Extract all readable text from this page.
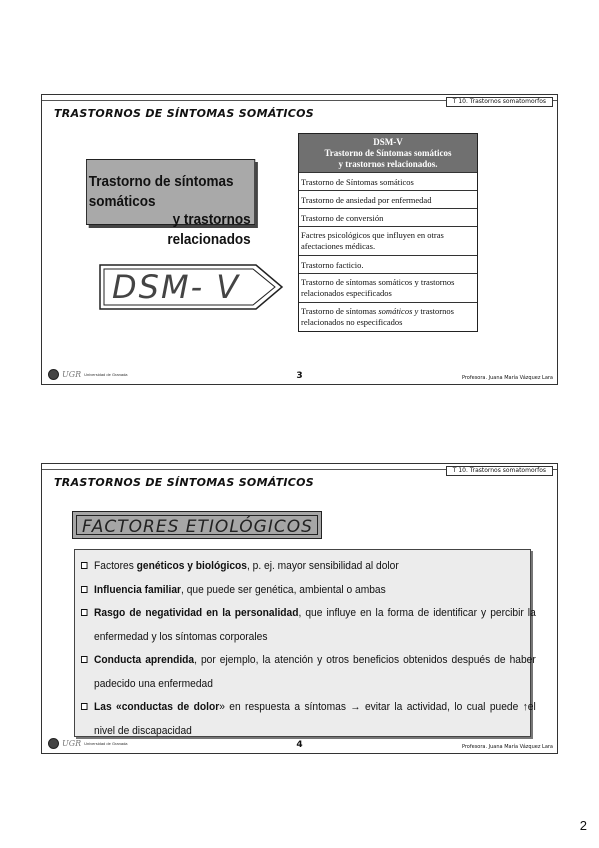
T 10. Trastornos somatomorfos
TRASTORNOS DE SÍNTOMAS SOMÁTICOS
Trastorno de síntomas somáticos
y trastornos relacionados
DSM- V
DSM-V
Trastorno de Síntomas somáticos
y trastornos relacionados.
Trastorno de Síntomas somáticos
Trastorno de ansiedad por enfermedad
Trastorno de conversión
Factres psicológicos que influyen en otras afectaciones médicas.
Trastorno facticio.
Trastorno de síntomas somáticos y trastornos relacionados especificados
Trastorno de síntomas somáticos y trastornos relacionados no especificados
UGR Universidad de Granada	3	Profesora. Juana María Vázquez Lara
T 10. Trastornos somatomorfos
TRASTORNOS DE SÍNTOMAS SOMÁTICOS
FACTORES ETIOLÓGICOS
Factores genéticos y biológicos, p. ej. mayor sensibilidad al dolor
Influencia familiar, que puede ser genética, ambiental o ambas
Rasgo de negatividad en la personalidad, que influye en la forma de identificar y percibir la enfermedad y los síntomas corporales
Conducta aprendida, por ejemplo, la atención y otros beneficios obtenidos después de haber padecido una enfermedad
Las «conductas de dolor» en respuesta a síntomas → evitar la actividad, lo cual puede ↑el nivel de discapacidad
UGR Universidad de Granada	4	Profesora. Juana María Vázquez Lara
2
